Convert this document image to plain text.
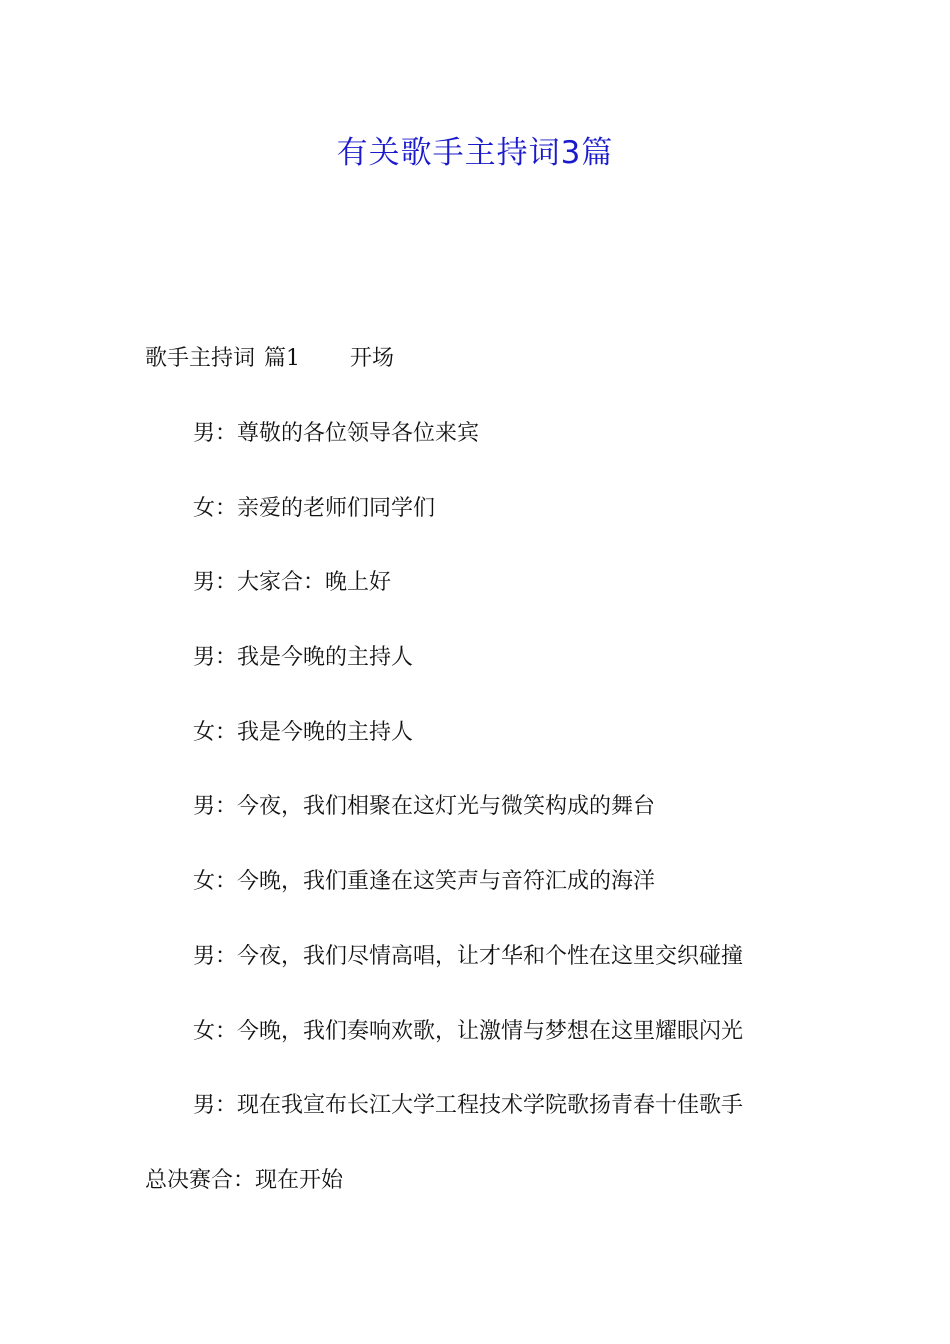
有关歌手主持词3篇
歌手主持词 篇1 开场

男：尊敬的各位领导各位来宾

女：亲爱的老师们同学们

男：大家合：晚上好

男：我是今晚的主持人

女：我是今晚的主持人

男：今夜，我们相聚在这灯光与微笑构成的舞台

女：今晚，我们重逢在这笑声与音符汇成的海洋

男：今夜，我们尽情高唱，让才华和个性在这里交织碰撞

女：今晚，我们奏响欢歌，让激情与梦想在这里耀眼闪光

男：现在我宣布长江大学工程技术学院歌扬青春十佳歌手

总决赛合：现在开始
